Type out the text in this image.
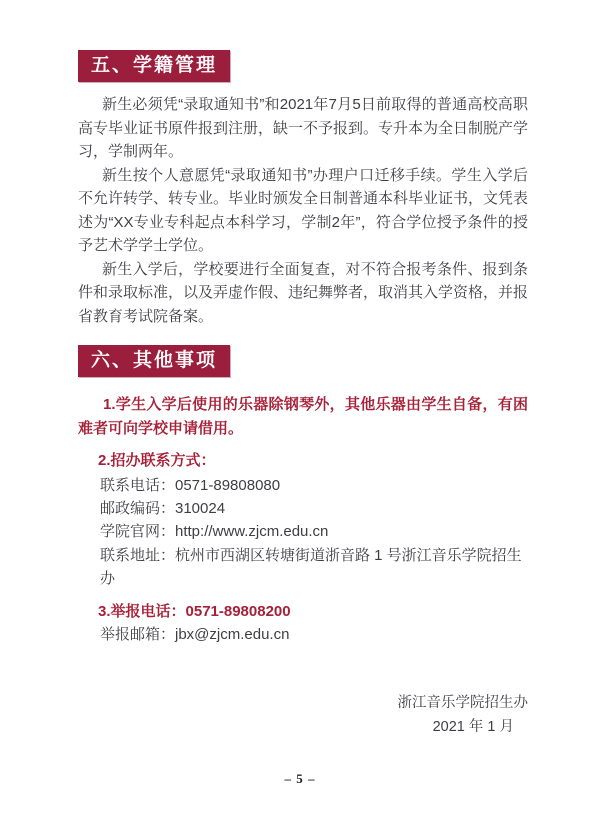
五、学籍管理

新生必须凭“录取通知书”和2021年7月5日前取得的普通高校高职高专毕业证书原件报到注册，缺一不予报到。专升本为全日制脱产学习，学制两年。

新生按个人意愿凭“录取通知书”办理户口迁移手续。学生入学后不允许转学、转专业。毕业时颁发全日制普通本科毕业证书，文凭表述为“XX专业专科起点本科学习，学制2年”，符合学位授予条件的授予艺术学学士学位。

新生入学后，学校要进行全面复查，对不符合报考条件、报到条件和录取标准，以及弄虚作假、违纪舞弊者，取消其入学资格，并报省教育考试院备案。

六、其他事项

1.学生入学后使用的乐器除钢琴外，其他乐器由学生自备，有困难者可向学校申请借用。

2.招办联系方式：

联系电话：0571-89808080
邮政编码：310024
学院官网：http://www.zjcm.edu.cn
联系地址：杭州市西湖区转塘街道浙音路 1 号浙江音乐学院招生办

3.举报电话：0571-89808200

举报邮箱：jbx@zjcm.edu.cn
浙江音乐学院招生办
2021 年 1 月
– 5 –
